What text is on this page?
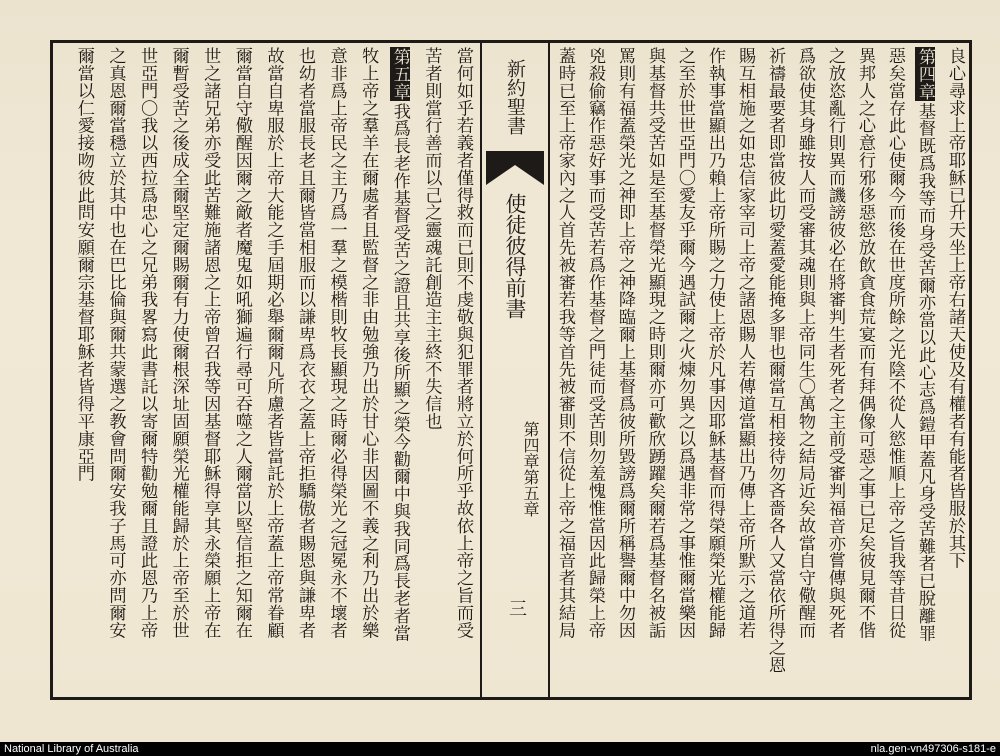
良心尋求上帝耶穌已升天坐上帝右諸天使及有權者有能者皆服於其下
第四章基督既爲我等而身受苦爾亦當以此心志爲鎧甲蓋凡身受苦難者已脫離罪
惡矣當存此心使爾今而後在世度所餘之光陰不從人慾惟順上帝之旨我等昔日從
異邦人之心意行邪侈惡慾放飲貪食荒宴而有拜偶像可惡之事已足矣彼見爾不偕
之放恣亂行則異而譏謗彼必在將審判生者死者之主前受審判福音亦嘗傳與死者
爲欲使其身雖按人而受審其魂則與上帝同生〇萬物之結局近矣故當自守儆醒而
祈禱最要者即當彼此切愛蓋愛能掩多罪也爾當互相接待勿吝嗇各人又當依所得之恩
賜互相施之如忠信家宰司上帝之諸恩賜人若傳道當顯出乃傳上帝所默示之道若
作執事當顯出乃賴上帝所賜之力使上帝於凡事因耶穌基督而得榮願榮光權能歸
之至於世世亞門〇愛友乎爾今遇試爾之火煉勿異之以爲遇非常之事惟爾當樂因
與基督共受苦如是至基督榮光顯現之時則爾亦可歡欣踴躍矣爾若爲基督名被詬
罵則有福蓋榮光之神即上帝之神降臨爾上基督爲彼所毀謗爲爾所稱譽爾中勿因
兇殺偷竊作惡好事而受苦若爲作基督之門徒而受苦則勿羞愧惟當因此歸榮上帝
蓋時已至上帝家內之人首先被審若我等首先被審則不信從上帝之福音者其結局
新約聖書
使徒彼得前書
第四章第五章
三
當何如乎若義者僅得救而已則不虔敬與犯罪者將立於何所乎故依上帝之旨而受
苦者則當行善而以己之靈魂託創造主主終不失信也
第五章我爲長老作基督受苦之證且共享後所顯之榮今勸爾中與我同爲長老者當
牧上帝之羣羊在爾處者且監督之非由勉強乃出於甘心非因圖不義之利乃出於樂
意非爲上帝民之主乃爲一羣之模楷則牧長顯現之時爾必得榮光之冠冕永不壞者
也幼者當服長老且爾皆當相服而以謙卑爲衣衣之蓋上帝拒驕傲者賜恩與謙卑者
故當自卑服於上帝大能之手屆期必舉爾爾凡所慮者皆當託於上帝蓋上帝常眷顧
爾當自守儆醒因爾之敵者魔鬼如吼獅遍行尋可吞噬之人爾當以堅信拒之知爾在
世之諸兄弟亦受此苦難施諸恩之上帝曾召我等因基督耶穌得享其永榮願上帝在
爾暫受苦之後成全爾堅定爾賜爾有力使爾根深址固願榮光權能歸於上帝至於世
世亞門〇我以西拉爲忠心之兄弟我畧寫此書託以寄爾特勸勉爾且證此恩乃上帝
之真恩爾當穩立於其中也在巴比倫與爾共蒙選之教會問爾安我子馬可亦問爾安
爾當以仁愛接吻彼此問安願爾宗基督耶穌者皆得平康亞門
National Library of Australia	nla.gen-vn497306-s181-e
